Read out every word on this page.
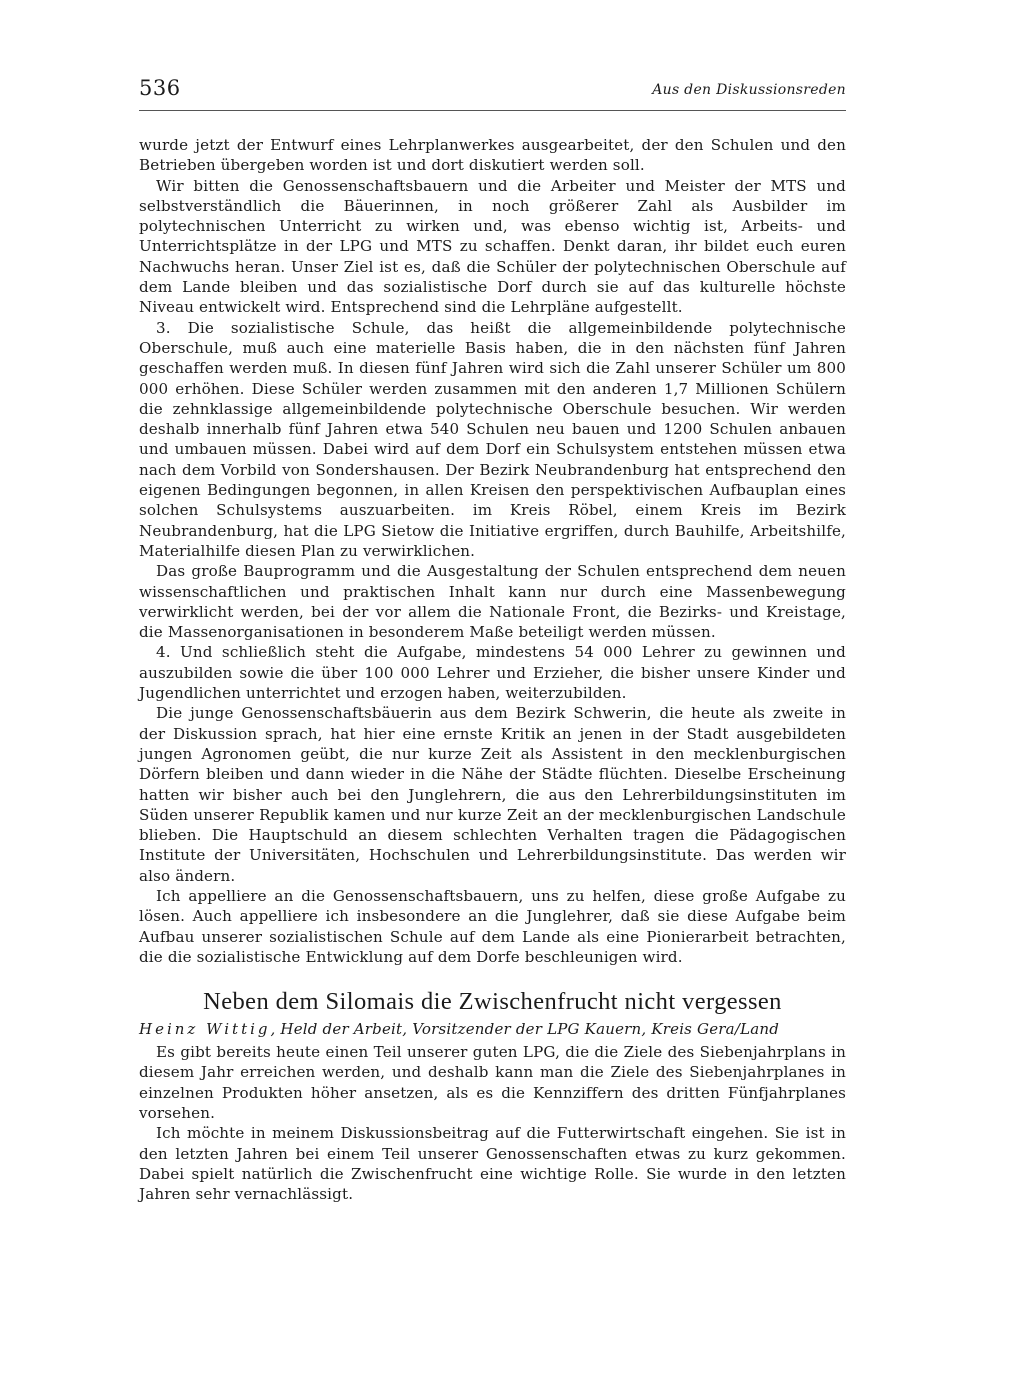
536	Aus den Diskussionsreden

wurde jetzt der Entwurf eines Lehrplanwerkes ausgearbeitet, der den Schulen und den Betrieben übergeben worden ist und dort diskutiert werden soll.

Wir bitten die Genossenschaftsbauern und die Arbeiter und Meister der MTS und selbstverständlich die Bäuerinnen, in noch größerer Zahl als Ausbilder im polytechnischen Unterricht zu wirken und, was ebenso wichtig ist, Arbeits- und Unterrichtsplätze in der LPG und MTS zu schaffen. Denkt daran, ihr bildet euch euren Nachwuchs heran. Unser Ziel ist es, daß die Schüler der polytechnischen Oberschule auf dem Lande bleiben und das sozialistische Dorf durch sie auf das kulturelle höchste Niveau entwickelt wird. Entsprechend sind die Lehrpläne aufgestellt.

3. Die sozialistische Schule, das heißt die allgemeinbildende polytechnische Oberschule, muß auch eine materielle Basis haben, die in den nächsten fünf Jahren geschaffen werden muß. In diesen fünf Jahren wird sich die Zahl unserer Schüler um 800 000 erhöhen. Diese Schüler werden zusammen mit den anderen 1,7 Millionen Schülern die zehnklassige allgemeinbildende polytechnische Oberschule besuchen. Wir werden deshalb innerhalb fünf Jahren etwa 540 Schulen neu bauen und 1200 Schulen anbauen und umbauen müssen. Dabei wird auf dem Dorf ein Schulsystem entstehen müssen etwa nach dem Vorbild von Sondershausen. Der Bezirk Neubrandenburg hat entsprechend den eigenen Bedingungen begonnen, in allen Kreisen den perspektivischen Aufbauplan eines solchen Schulsystems auszuarbeiten. im Kreis Röbel, einem Kreis im Bezirk Neubrandenburg, hat die LPG Sietow die Initiative ergriffen, durch Bauhilfe, Arbeitshilfe, Materialhilfe diesen Plan zu verwirklichen.

Das große Bauprogramm und die Ausgestaltung der Schulen entsprechend dem neuen wissenschaftlichen und praktischen Inhalt kann nur durch eine Massenbewegung verwirklicht werden, bei der vor allem die Nationale Front, die Bezirks- und Kreistage, die Massenorganisationen in besonderem Maße beteiligt werden müssen.

4. Und schließlich steht die Aufgabe, mindestens 54 000 Lehrer zu gewinnen und auszubilden sowie die über 100 000 Lehrer und Erzieher, die bisher unsere Kinder und Jugendlichen unterrichtet und erzogen haben, weiterzubilden.

Die junge Genossenschaftsbäuerin aus dem Bezirk Schwerin, die heute als zweite in der Diskussion sprach, hat hier eine ernste Kritik an jenen in der Stadt ausgebildeten jungen Agronomen geübt, die nur kurze Zeit als Assistent in den mecklenburgischen Dörfern bleiben und dann wieder in die Nähe der Städte flüchten. Dieselbe Erscheinung hatten wir bisher auch bei den Junglehrern, die aus den Lehrerbildungsinstituten im Süden unserer Republik kamen und nur kurze Zeit an der mecklenburgischen Landschule blieben. Die Hauptschuld an diesem schlechten Verhalten tragen die Pädagogischen Institute der Universitäten, Hochschulen und Lehrerbildungsinstitute. Das werden wir also ändern.

Ich appelliere an die Genossenschaftsbauern, uns zu helfen, diese große Aufgabe zu lösen. Auch appelliere ich insbesondere an die Junglehrer, daß sie diese Aufgabe beim Aufbau unserer sozialistischen Schule auf dem Lande als eine Pionierarbeit betrachten, die die sozialistische Entwicklung auf dem Dorfe beschleunigen wird.

Neben dem Silomais die Zwischenfrucht nicht vergessen
Heinz Wittig, Held der Arbeit, Vorsitzender der LPG Kauern, Kreis Gera/Land

Es gibt bereits heute einen Teil unserer guten LPG, die die Ziele des Siebenjahrplans in diesem Jahr erreichen werden, und deshalb kann man die Ziele des Siebenjahrplanes in einzelnen Produkten höher ansetzen, als es die Kennziffern des dritten Fünfjahrplanes vorsehen.

Ich möchte in meinem Diskussionsbeitrag auf die Futterwirtschaft eingehen. Sie ist in den letzten Jahren bei einem Teil unserer Genossenschaften etwas zu kurz gekommen. Dabei spielt natürlich die Zwischenfrucht eine wichtige Rolle. Sie wurde in den letzten Jahren sehr vernachlässigt.
